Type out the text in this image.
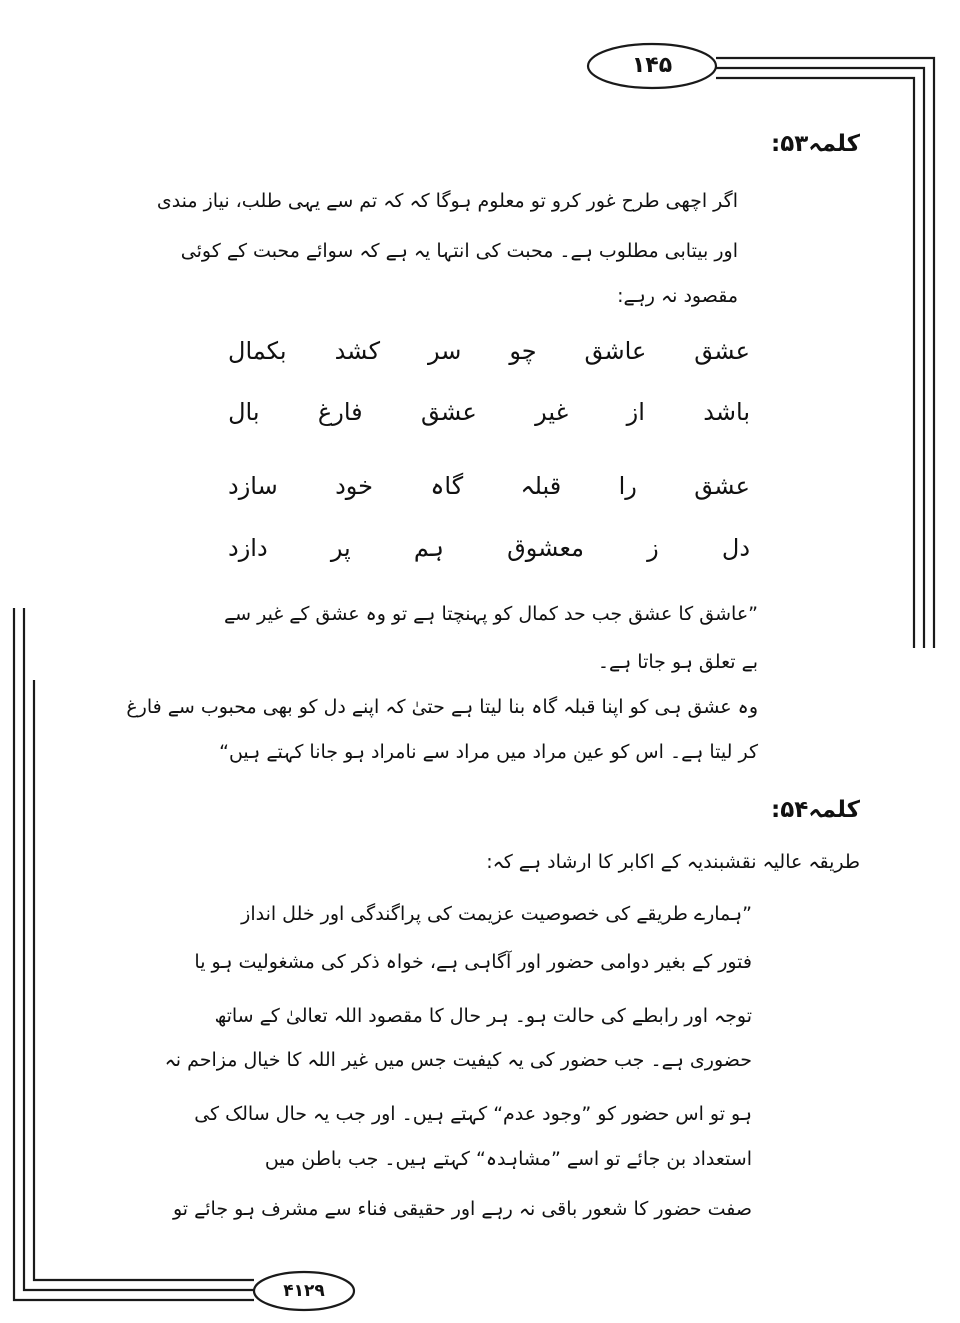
۱۴۵
۴۱۲۹
کلمہ۵۳:
اگر اچھی طرح غور کرو تو معلوم ہوگا کہ کہ تم سے یہی طلب، نیاز مندی
اور بیتابی مطلوب ہے۔ محبت کی انتہا یہ ہے کہ سوائے محبت کے کوئی
مقصود نہ رہے:
عشق
عاشق
چو
سر
کشد
بکمال
باشد
از
غیر
عشق
فارغ
بال
عشق
را
قبلہ
گاہ
خود
سازد
دل
ز
معشوق
ہم
پر
دازد
”عاشق کا عشق جب حد کمال کو پہنچتا ہے تو وہ عشق کے غیر سے
بے تعلق ہو جاتا ہے۔
وہ عشق ہی کو اپنا قبلہ گاہ بنا لیتا ہے حتیٰ کہ اپنے دل کو بھی محبوب سے فارغ
کر لیتا ہے۔ اس کو عین مراد میں مراد سے نامراد ہو جانا کہتے ہیں“
کلمہ۵۴:
طریقہ عالیہ نقشبندیہ کے اکابر کا ارشاد ہے کہ:
”ہمارے طریقے کی خصوصیت عزیمت کی پراگندگی اور خلل انداز
فتور کے بغیر دوامی حضور اور آگاہی ہے، خواہ ذکر کی مشغولیت ہو یا
توجہ اور رابطے کی حالت ہو۔ ہر حال کا مقصود اللہ تعالیٰ کے ساتھ
حضوری ہے۔ جب حضور کی یہ کیفیت جس میں غیر اللہ کا خیال مزاحم نہ
ہو تو اس حضور کو ”وجود عدم“ کہتے ہیں۔ اور جب یہ حال سالک کی
استعداد بن جائے تو اسے ”مشاہدہ“ کہتے ہیں۔ جب باطن میں
صفت حضور کا شعور باقی نہ رہے اور حقیقی فناء سے مشرف ہو جائے تو
